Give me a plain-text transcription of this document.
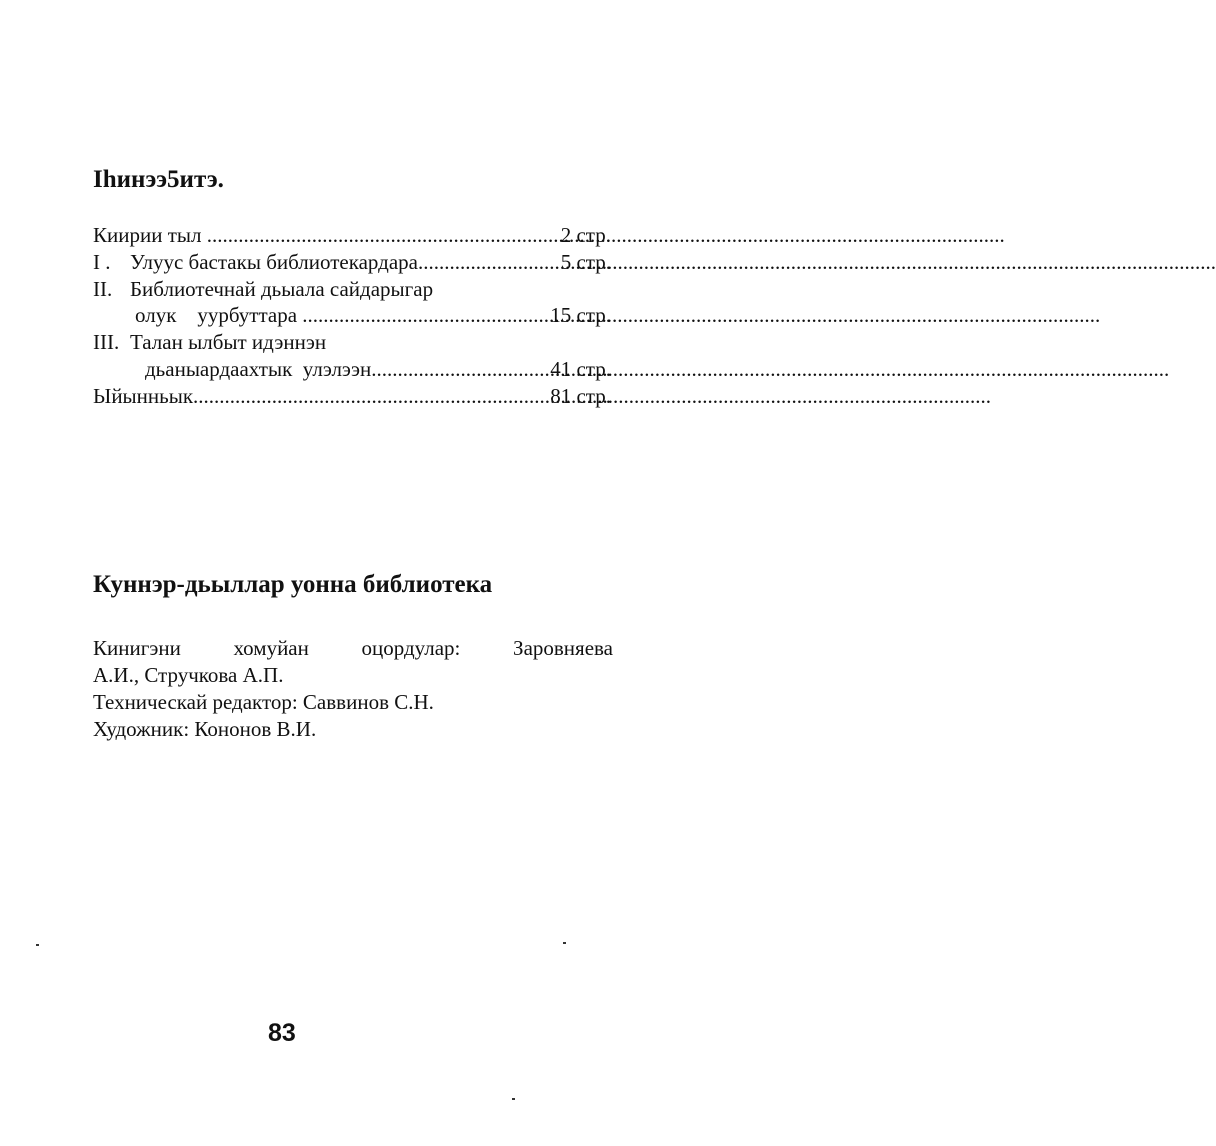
Ihинээ5итэ.
Киирии тыл .....	2 стр.
I . Улуус бастакы библиотекардара .....	5 стр.
II. Библиотечнай дьыала сайдарыгар
олук    уурбуттара .....	15 стр.
III. Талан ылбыт идэннэн
дьаныардаахтык  улэлээн .....	41 стр.
Ыйынньык .....	81 стр.
Куннэр-дьыллар уонна библиотека
Кинигэни	хомуйан	оцордулар:	Заровняева
А.И., Стручкова А.П.
Техническай редактор: Саввинов С.Н.
Художник: Кононов В.И.
83
